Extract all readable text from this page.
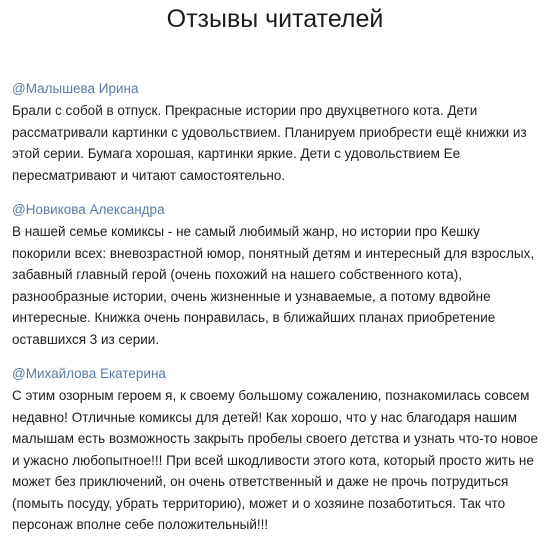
Отзывы читателей
@Малышева Ирина

Брали с собой в отпуск. Прекрасные истории про двухцветного кота. Дети рассматривали картинки с удовольствием. Планируем приобрести ещё книжки из этой серии. Бумага хорошая, картинки яркие. Дети с удовольствием Ее пересматривают и читают самостоятельно.

@Новикова Александра

В нашей семье комиксы - не самый любимый жанр, но истории про Кешку покорили всех: вневозрастной юмор, понятный детям и интересный для взрослых, забавный главный герой (очень похожий на нашего собственного кота), разнообразные истории, очень жизненные и узнаваемые, а потому вдвойне интересные. Книжка очень понравилась, в ближайших планах приобретение оставшихся 3 из серии.

@Михайлова Екатерина

С этим озорным героем я, к своему большому сожалению, познакомилась совсем недавно! Отличные комиксы для детей! Как хорошо, что у нас благодаря нашим малышам есть возможность закрыть пробелы своего детства и узнать что-то новое и ужасно любопытное!!! При всей шкодливости этого кота, который просто жить не может без приключений, он очень ответственный и даже не прочь потрудиться (помыть посуду, убрать территорию), может и о хозяине позаботиться. Так что персонаж вполне себе положительный!!!
